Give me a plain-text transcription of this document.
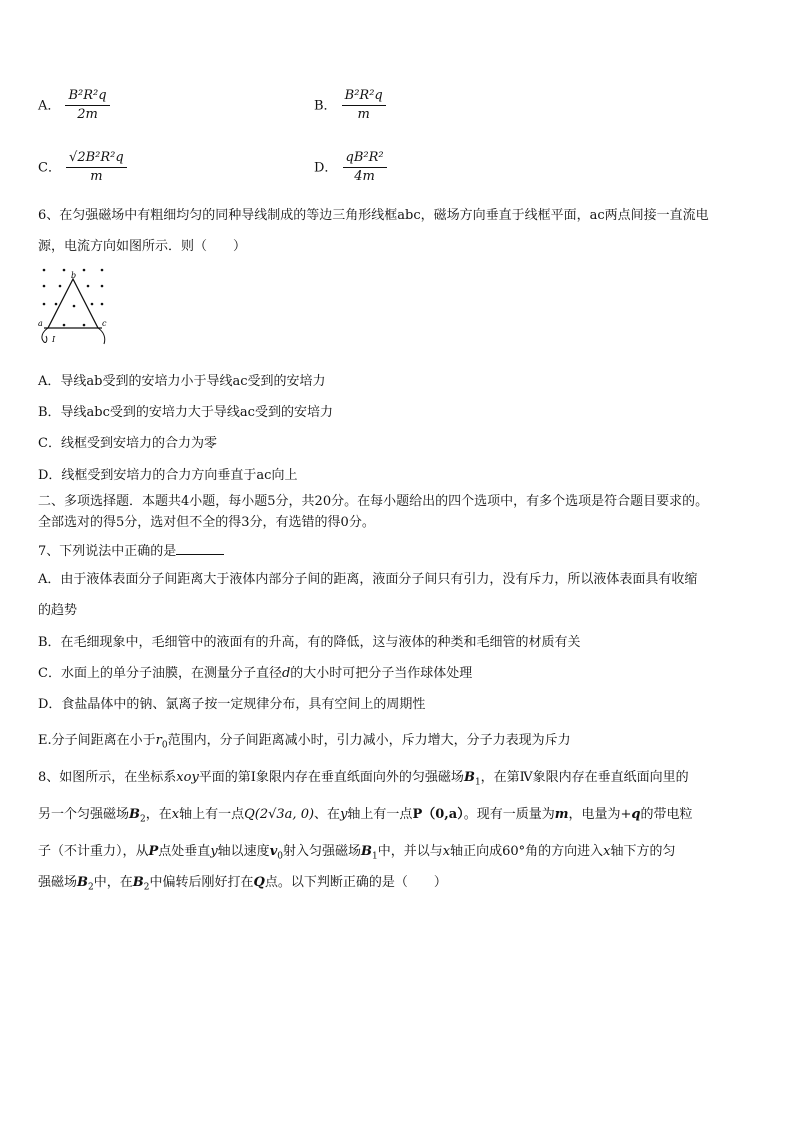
A． $\frac{\text{B²R²q}}{2m}$	B． $\frac{\text{B²R²q}}{m}$
C． $\frac{\text{√2B²R²q}}{m}$	D． $\frac{\text{qB²R²}}{4m}$
6、在匀强磁场中有粗细均匀的同种导线制成的等边三角形线框abc，磁场方向垂直于线框平面，ac两点间接一直流电
源，电流方向如图所示．则（　　）
b
a	c
I
A．导线ab受到的安培力小于导线ac受到的安培力
B．导线abc受到的安培力大于导线ac受到的安培力
C．线框受到安培力的合力为零
D．线框受到安培力的合力方向垂直于ac向上
二、多项选择题．本题共4小题，每小题5分，共20分。在每小题给出的四个选项中，有多个选项是符合题目要求的。
全部选对的得5分，选对但不全的得3分，有选错的得0分。
7、下列说法中正确的是
A．由于液体表面分子间距离大于液体内部分子间的距离，液面分子间只有引力，没有斥力，所以液体表面具有收缩
的趋势
B．在毛细现象中，毛细管中的液面有的升高，有的降低，这与液体的种类和毛细管的材质有关
C．水面上的单分子油膜，在测量分子直径d的大小时可把分子当作球体处理
D．食盐晶体中的钠、氯离子按一定规律分布，具有空间上的周期性
E.分子间距离在小于$r_0$范围内，分子间距离减小时，引力减小，斥力增大，分子力表现为斥力
8、如图所示，在坐标系xoy平面的第Ⅰ象限内存在垂直纸面向外的匀强磁场$B_1$，在第Ⅳ象限内存在垂直纸面向里的
另一个匀强磁场$B_2$，在x轴上有一点Q(2√3a, 0)、在y轴上有一点P（0,a）。现有一质量为m，电量为+q的带电粒
子（不计重力），从P点处垂直y轴以速度$v_0$射入匀强磁场$B_1$中，并以与x轴正向成60°角的方向进入x轴下方的匀
强磁场$B_2$中，在$B_2$中偏转后刚好打在Q点。以下判断正确的是（　　）
